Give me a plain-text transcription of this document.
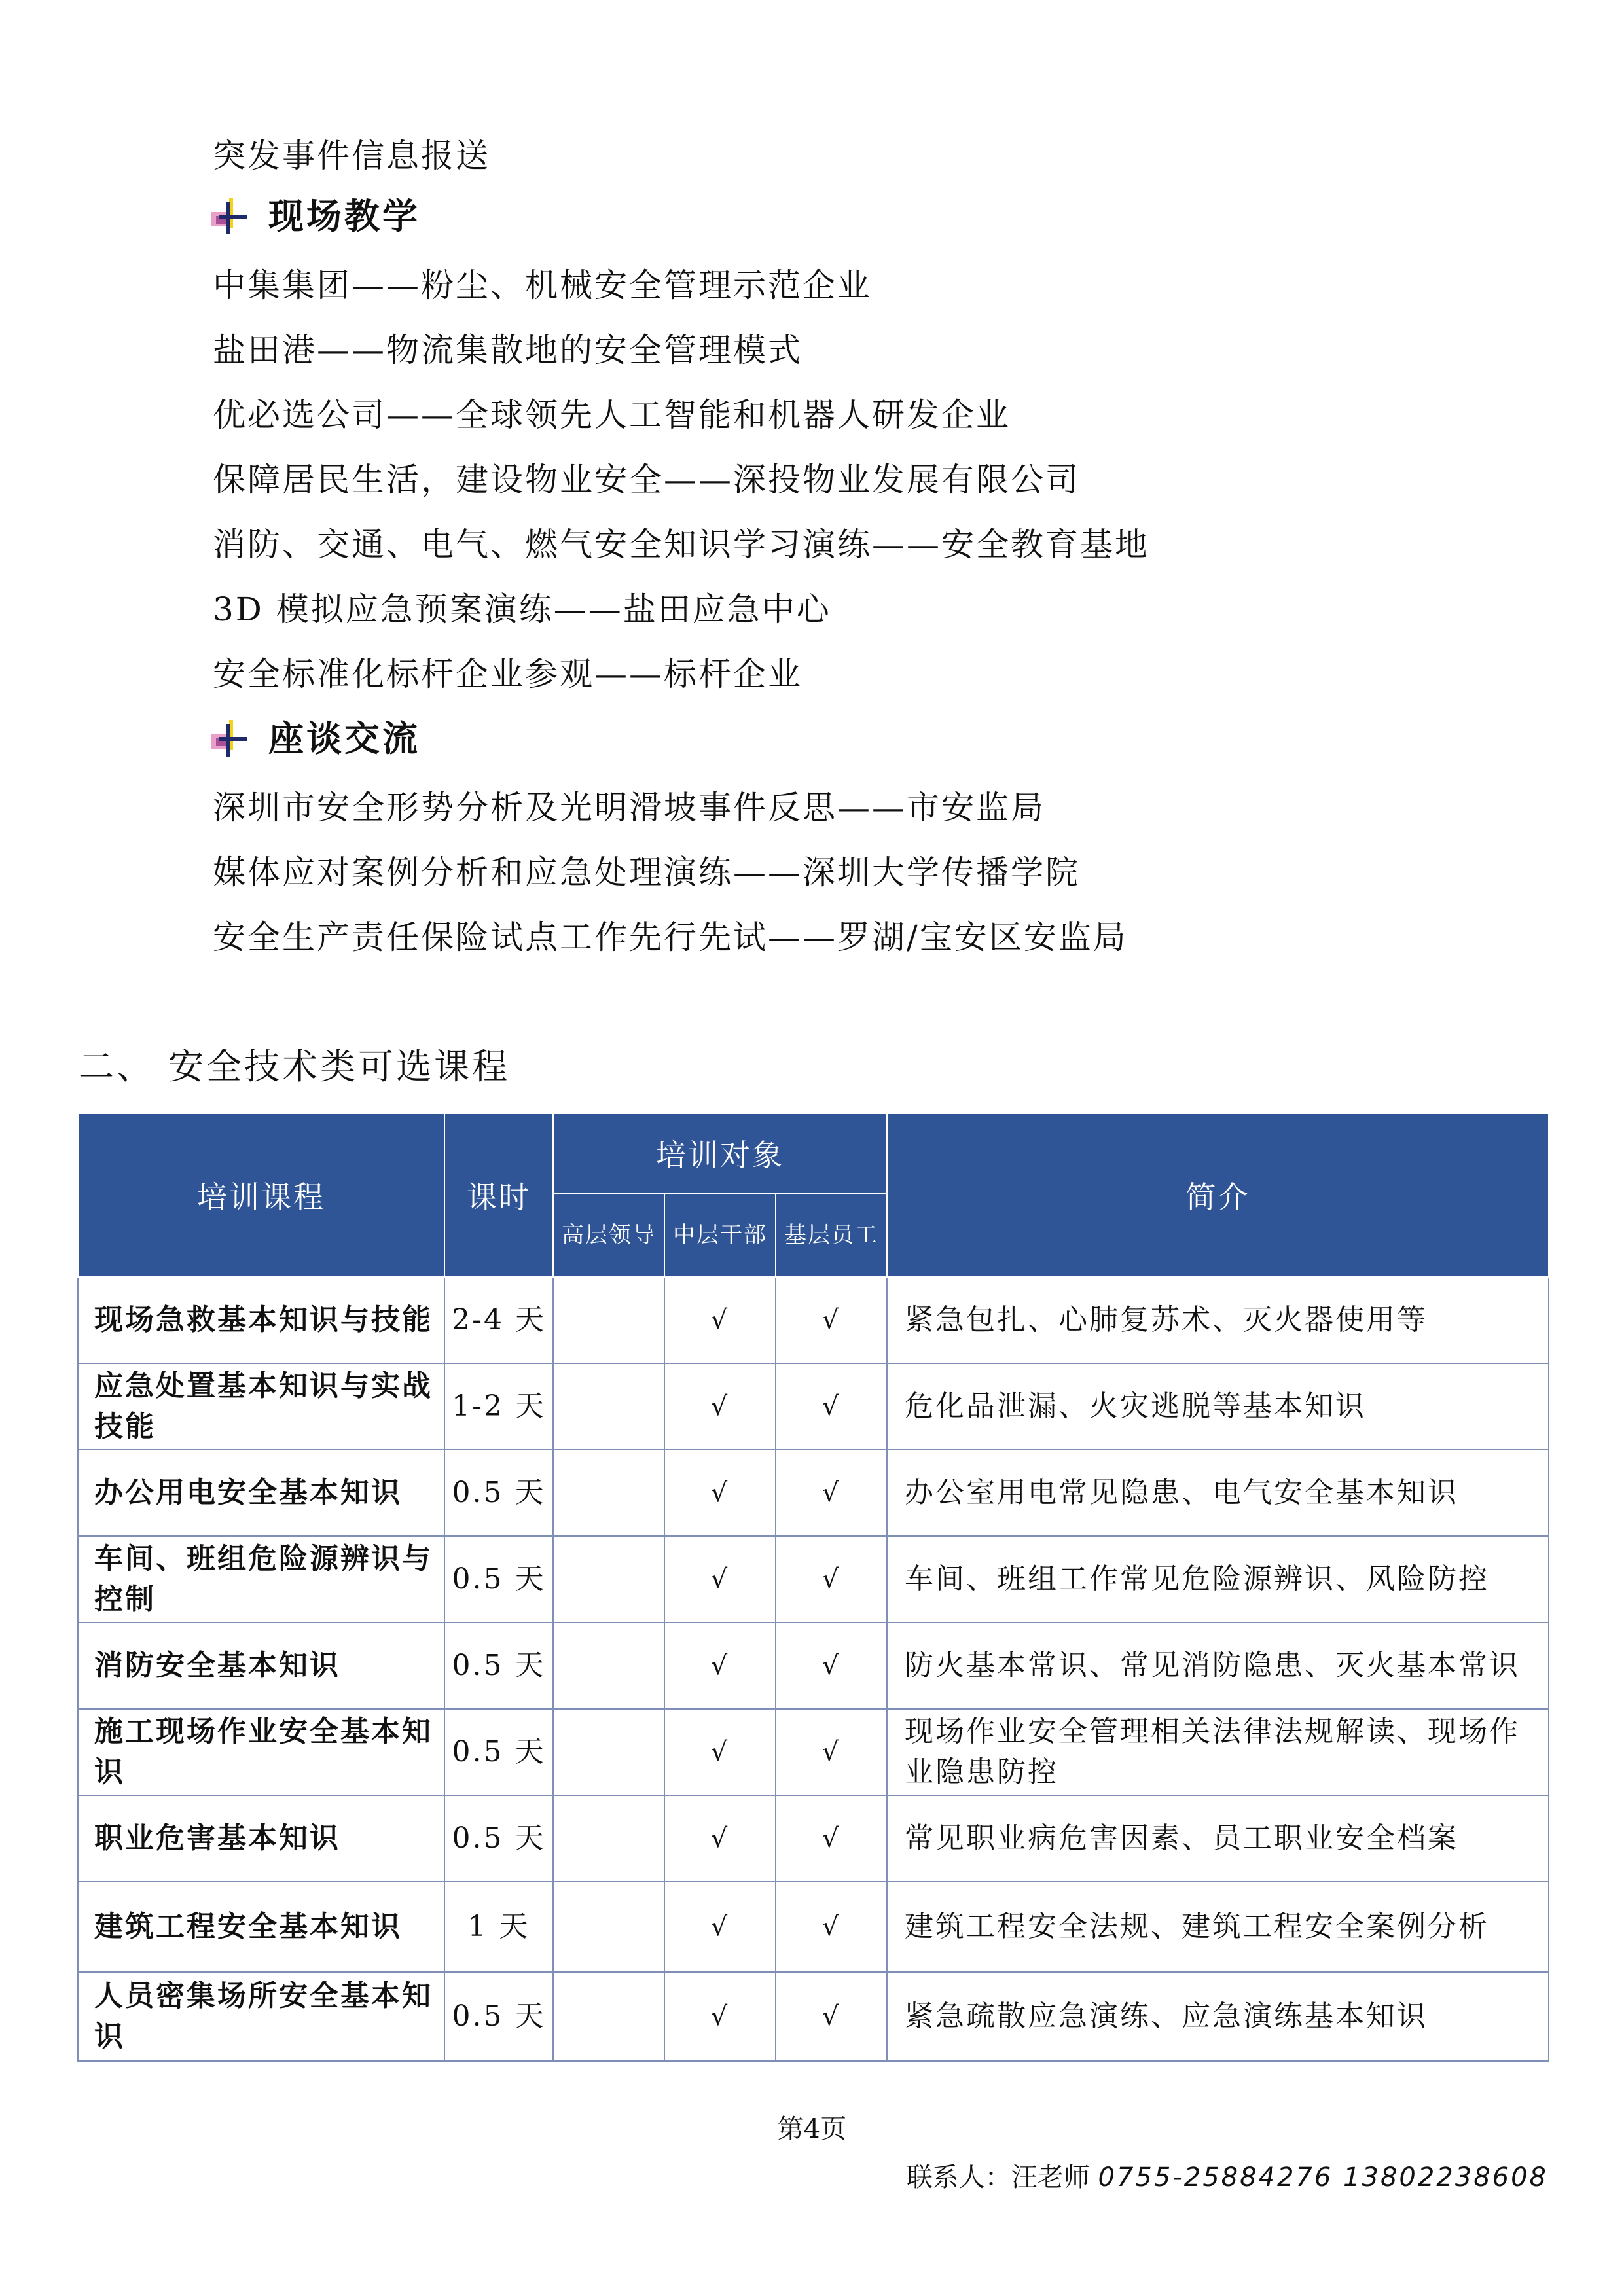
突发事件信息报送
现场教学
中集集团——粉尘、机械安全管理示范企业
盐田港——物流集散地的安全管理模式
优必选公司——全球领先人工智能和机器人研发企业
保障居民生活，建设物业安全——深投物业发展有限公司
消防、交通、电气、燃气安全知识学习演练——安全教育基地
3D 模拟应急预案演练——盐田应急中心
安全标准化标杆企业参观——标杆企业
座谈交流
深圳市安全形势分析及光明滑坡事件反思——市安监局
媒体应对案例分析和应急处理演练——深圳大学传播学院
安全生产责任保险试点工作先行先试——罗湖/宝安区安监局
二、 安全技术类可选课程
培训课程	课时	培训对象			简介
		高层领导	中层干部	基层员工	
现场急救基本知识与技能	2-4 天		√	√	紧急包扎、心肺复苏术、灭火器使用等
应急处置基本知识与实战技能	1-2 天		√	√	危化品泄漏、火灾逃脱等基本知识
办公用电安全基本知识	0.5 天		√	√	办公室用电常见隐患、电气安全基本知识
车间、班组危险源辨识与控制	0.5 天		√	√	车间、班组工作常见危险源辨识、风险防控
消防安全基本知识	0.5 天		√	√	防火基本常识、常见消防隐患、灭火基本常识
施工现场作业安全基本知识	0.5 天		√	√	现场作业安全管理相关法律法规解读、现场作业隐患防控
职业危害基本知识	0.5 天		√	√	常见职业病危害因素、员工职业安全档案
建筑工程安全基本知识	1 天		√	√	建筑工程安全法规、建筑工程安全案例分析
人员密集场所安全基本知识	0.5 天		√	√	紧急疏散应急演练、应急演练基本知识
第4页
联系人：汪老师 0755-25884276 13802238608
